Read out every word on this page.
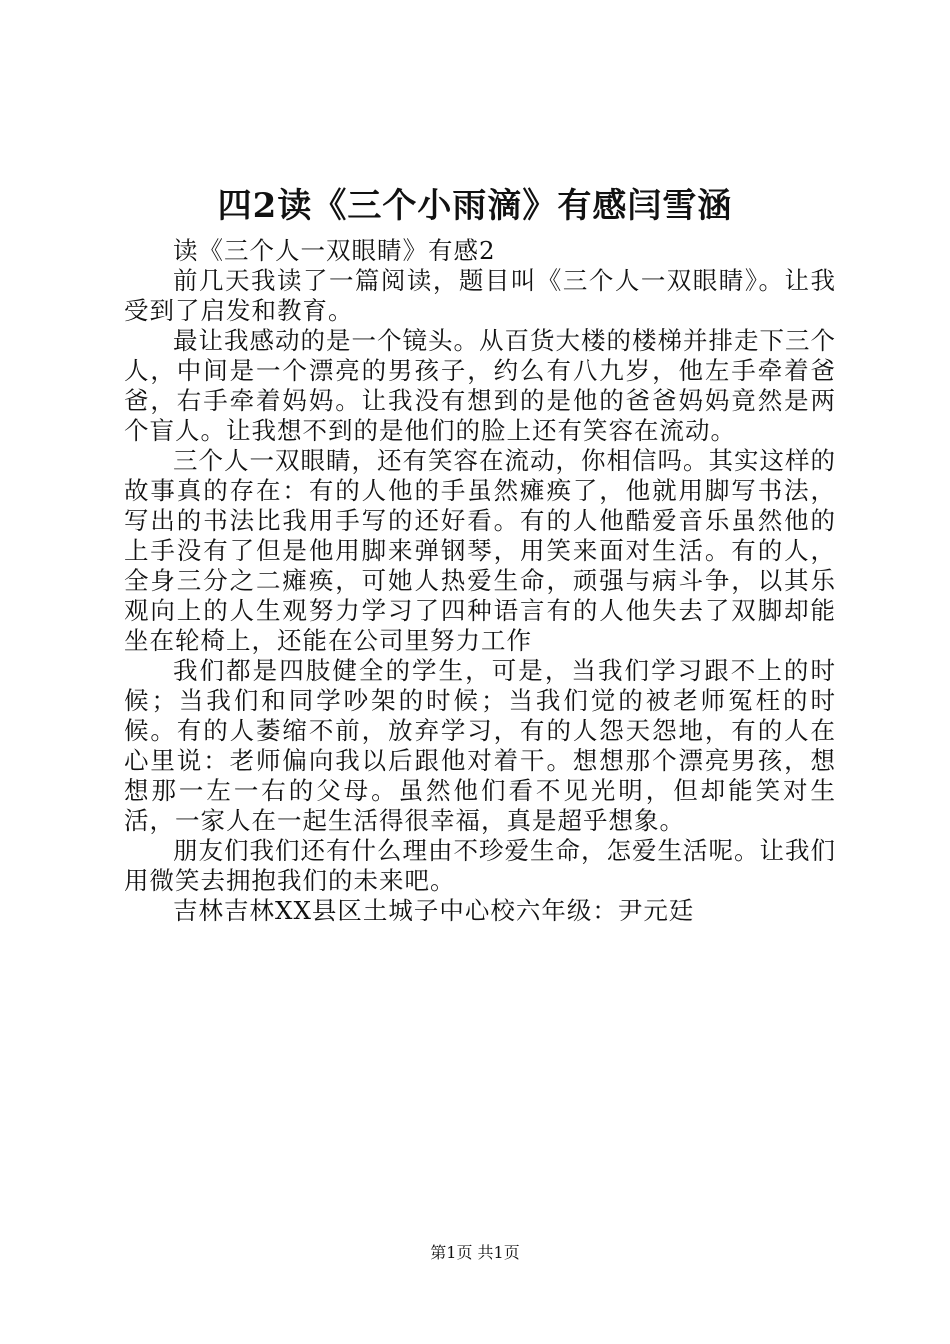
四2读《三个小雨滴》有感闫雪涵

读《三个人一双眼睛》有感2

前几天我读了一篇阅读，题目叫《三个人一双眼睛》。让我受到了启发和教育。

最让我感动的是一个镜头。从百货大楼的楼梯并排走下三个人，中间是一个漂亮的男孩子，约么有八九岁，他左手牵着爸爸，右手牵着妈妈。让我没有想到的是他的爸爸妈妈竟然是两个盲人。让我想不到的是他们的脸上还有笑容在流动。

三个人一双眼睛，还有笑容在流动，你相信吗。其实这样的故事真的存在：有的人他的手虽然瘫痪了，他就用脚写书法，写出的书法比我用手写的还好看。有的人他酷爱音乐虽然他的上手没有了但是他用脚来弹钢琴，用笑来面对生活。有的人，全身三分之二瘫痪，可她人热爱生命，顽强与病斗争，以其乐观向上的人生观努力学习了四种语言有的人他失去了双脚却能坐在轮椅上，还能在公司里努力工作

我们都是四肢健全的学生，可是，当我们学习跟不上的时候；当我们和同学吵架的时候；当我们觉的被老师冤枉的时候。有的人萎缩不前，放弃学习，有的人怨天怨地，有的人在心里说：老师偏向我以后跟他对着干。想想那个漂亮男孩，想想那一左一右的父母。虽然他们看不见光明，但却能笑对生活，一家人在一起生活得很幸福，真是超乎想象。

朋友们我们还有什么理由不珍爱生命，怎爱生活呢。让我们用微笑去拥抱我们的未来吧。

吉林吉林XX县区土城子中心校六年级：尹元廷

第1页 共1页
